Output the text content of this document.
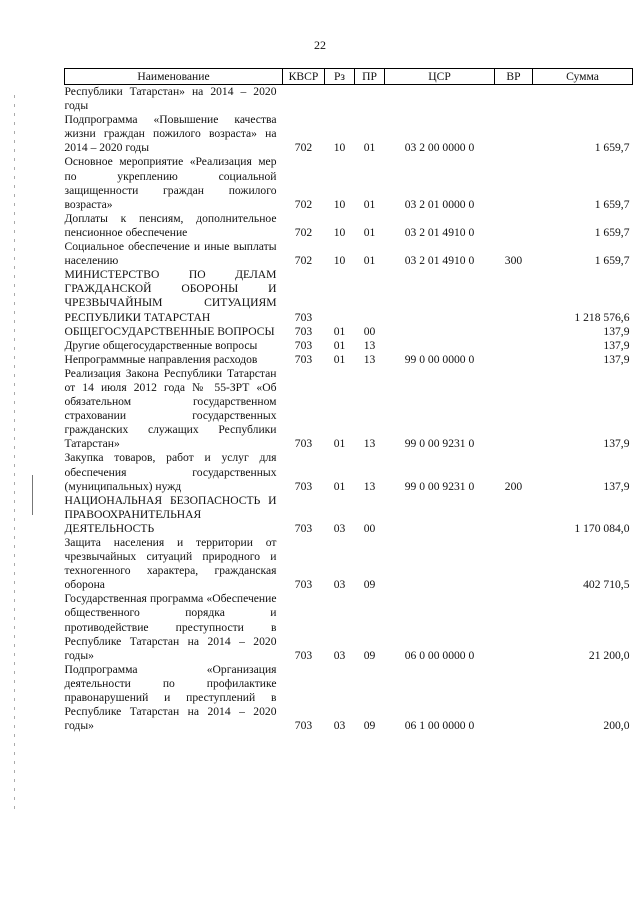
22
Наименование	КВСР	Рз	ПР	ЦСР	ВР	Сумма
Республики Татарстан» на 2014 – 2020 годы						
Подпрограмма «Повышение качества жизни граждан пожилого возраста» на 2014 – 2020 годы	702	10	01	03 2 00 0000 0		1 659,7
Основное мероприятие «Реализация мер по укреплению социальной защищенности граждан пожилого возраста»	702	10	01	03 2 01 0000 0		1 659,7
Доплаты к пенсиям, дополнительное пенсионное обеспечение	702	10	01	03 2 01 4910 0		1 659,7
Социальное обеспечение и иные выплаты населению	702	10	01	03 2 01 4910 0	300	1 659,7
МИНИСТЕРСТВО ПО ДЕЛАМ ГРАЖДАНСКОЙ ОБОРОНЫ И ЧРЕЗВЫЧАЙНЫМ СИТУАЦИЯМ РЕСПУБЛИКИ ТАТАРСТАН	703					1 218 576,6
ОБЩЕГОСУДАРСТВЕННЫЕ ВОПРОСЫ	703	01	00			137,9
Другие общегосударственные вопросы	703	01	13			137,9
Непрограммные направления расходов	703	01	13	99 0 00 0000 0		137,9
Реализация Закона Республики Татарстан от 14 июля 2012 года № 55-ЗРТ «Об обязательном государственном страховании государственных гражданских служащих Республики Татарстан»	703	01	13	99 0 00 9231 0		137,9
Закупка товаров, работ и услуг для обеспечения государственных (муниципальных) нужд	703	01	13	99 0 00 9231 0	200	137,9
НАЦИОНАЛЬНАЯ БЕЗОПАСНОСТЬ И ПРАВООХРАНИТЕЛЬНАЯ ДЕЯТЕЛЬНОСТЬ	703	03	00			1 170 084,0
Защита населения и территории от чрезвычайных ситуаций природного и техногенного характера, гражданская оборона	703	03	09			402 710,5
Государственная программа «Обеспечение общественного порядка и противодействие преступности в Республике Татарстан на 2014 – 2020 годы»	703	03	09	06 0 00 0000 0		21 200,0
Подпрограмма «Организация деятельности по профилактике правонарушений и преступлений в Республике Татарстан на 2014 – 2020 годы»	703	03	09	06 1 00 0000 0		200,0
